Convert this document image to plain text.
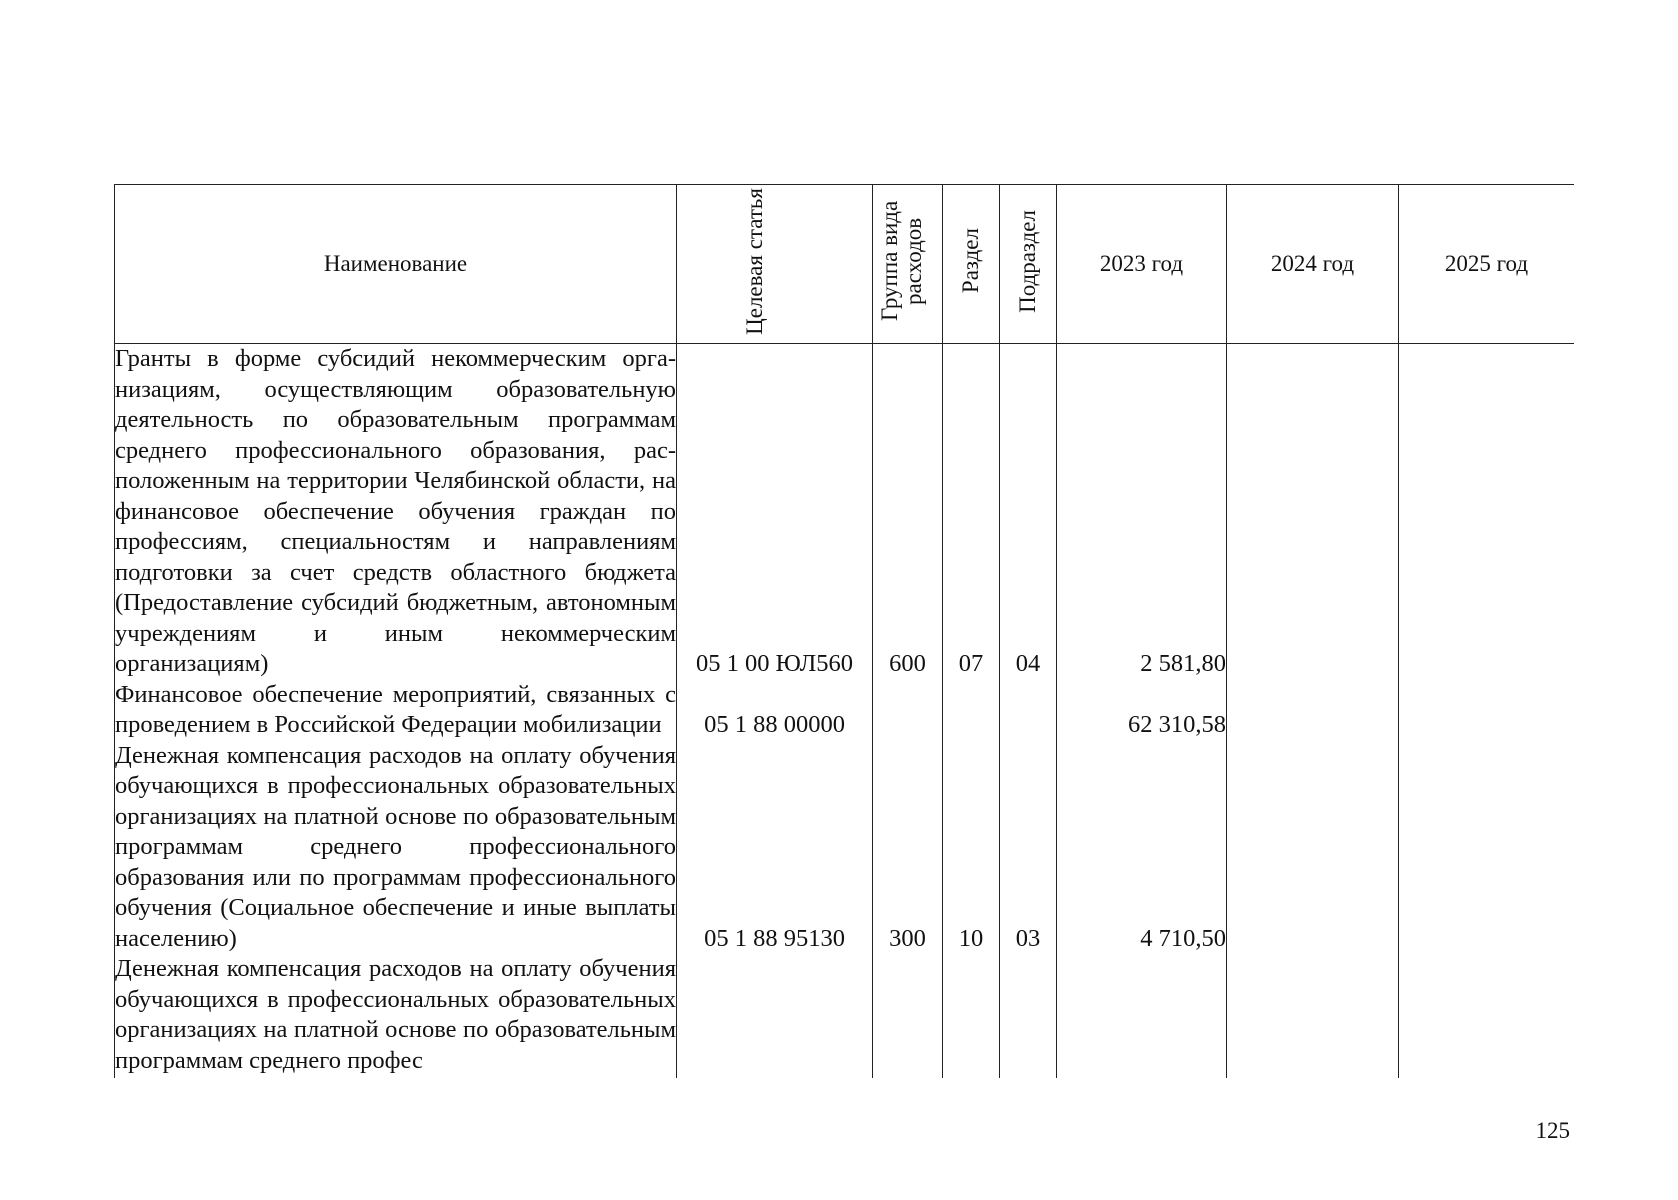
Наименование	Целевая статья	Группа вида расходов	Раздел	Подраздел	2023 год	2024 год	2025 год

Гранты в форме субсидий некоммерческим организациям, осуществляющим образовательную деятельность по образовательным программам среднего профессионального образования, расположенным на территории Челябинской области, на финансовое обеспечение обучения граждан по профессиям, специальностям и направлениям подготовки за счет средств областного бюджета (Предоставление субсидий бюджетным, автономным учреждениям и иным некоммерческим организациям)	05 1 00 ЮЛ560	600	07	04	2 581,80		

Финансовое обеспечение мероприятий, связанных с проведением в Российской Федерации мобилизации	05 1 88 00000				62 310,58		

Денежная компенсация расходов на оплату обучения обучающихся в профессиональных образовательных организациях на платной основе по образовательным программам среднего профессионального образования или по программам профессионального обучения (Социальное обеспечение и иные выплаты населению)	05 1 88 95130	300	10	03	4 710,50		

Денежная компенсация расходов на оплату обучения обучающихся в профессиональных образовательных организациях на платной основе по образовательным программам среднего профес							

125
